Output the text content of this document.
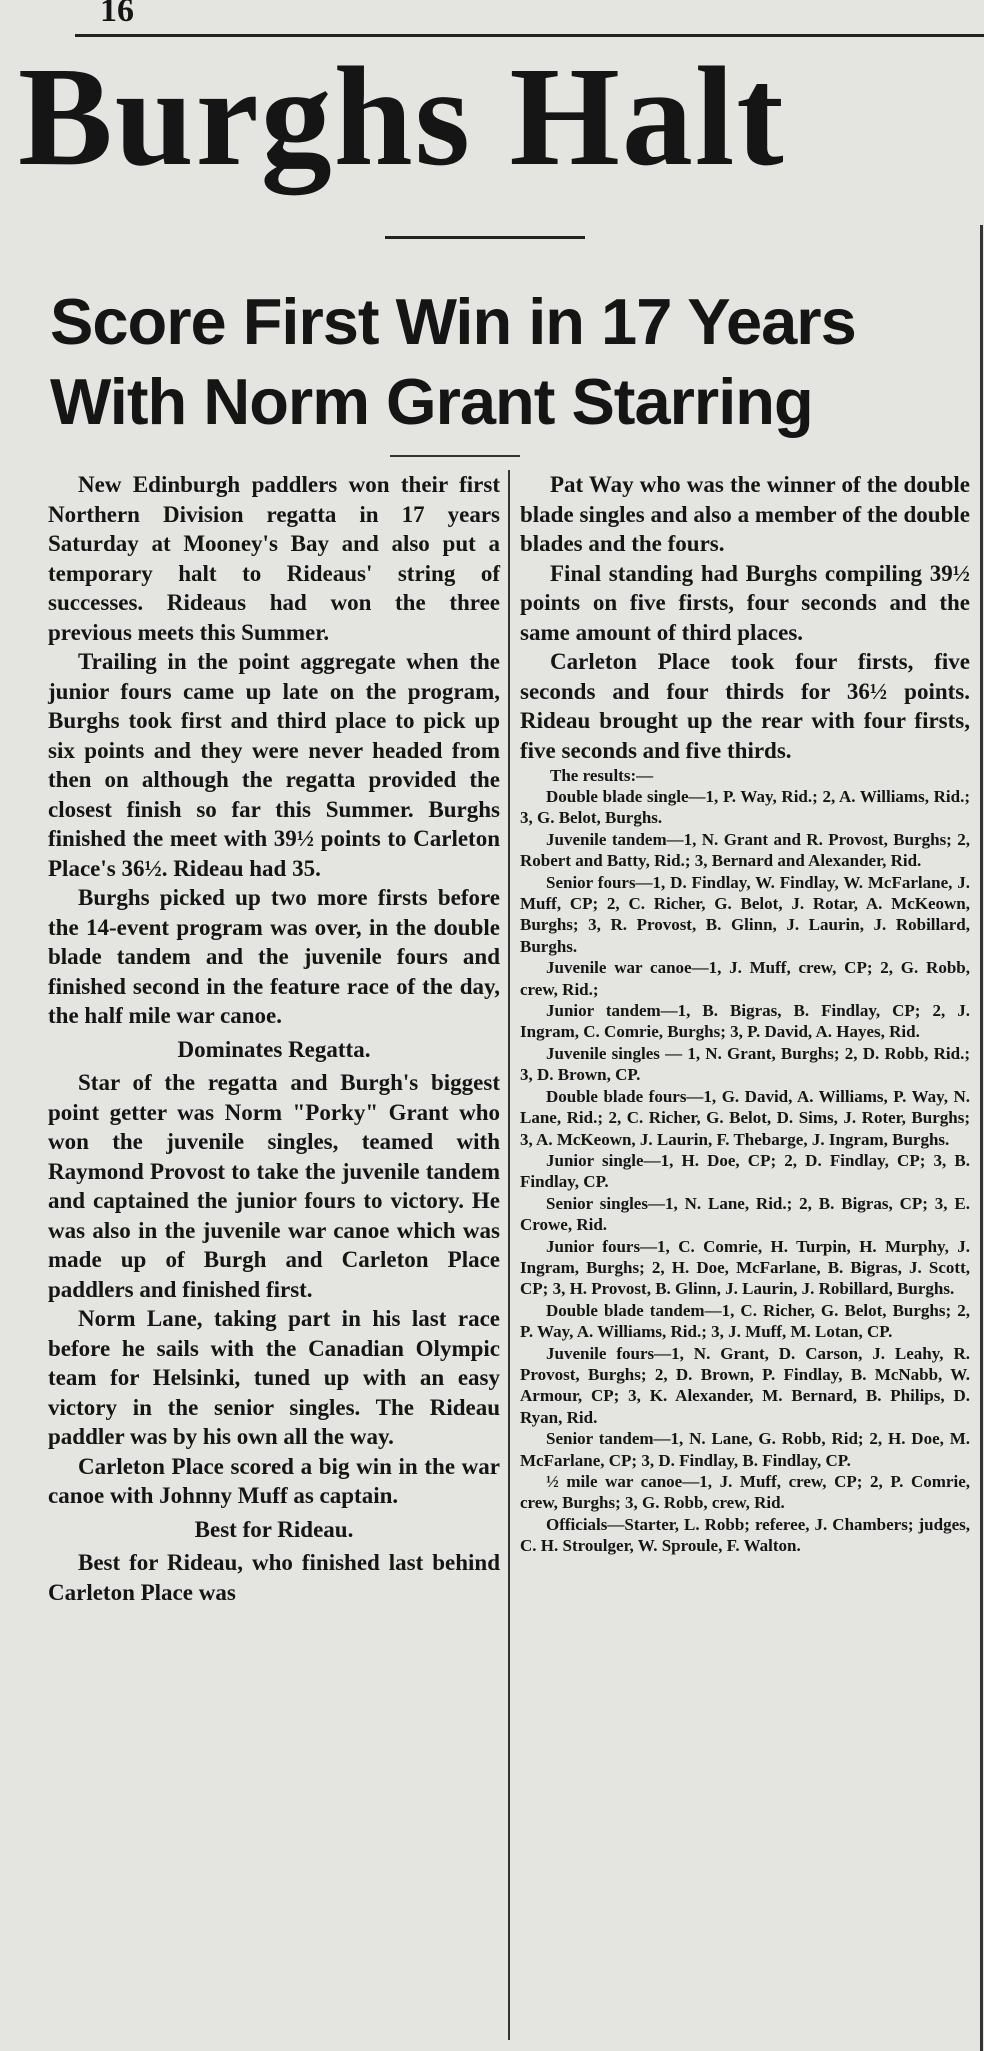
16
Burghs Halt
Score First Win in 17 Years
With Norm Grant Starring

New Edinburgh paddlers won their first Northern Division regatta in 17 years Saturday at Mooney's Bay and also put a temporary halt to Rideaus' string of successes. Rideaus had won the three previous meets this Summer.

Trailing in the point aggregate when the junior fours came up late on the program, Burghs took first and third place to pick up six points and they were never headed from then on although the regatta provided the closest finish so far this Summer. Burghs finished the meet with 39½ points to Carleton Place's 36½. Rideau had 35.

Burghs picked up two more firsts before the 14-event program was over, in the double blade tandem and the juvenile fours and finished second in the feature race of the day, the half mile war canoe.

Dominates Regatta.

Star of the regatta and Burgh's biggest point getter was Norm "Porky" Grant who won the juvenile singles, teamed with Raymond Provost to take the juvenile tandem and captained the junior fours to victory. He was also in the juvenile war canoe which was made up of Burgh and Carleton Place paddlers and finished first.

Norm Lane, taking part in his last race before he sails with the Canadian Olympic team for Helsinki, tuned up with an easy victory in the senior singles. The Rideau paddler was by his own all the way.

Carleton Place scored a big win in the war canoe with Johnny Muff as captain.

Best for Rideau.

Best for Rideau, who finished last behind Carleton Place was

Pat Way who was the winner of the double blade singles and also a member of the double blades and the fours.

Final standing had Burghs compiling 39½ points on five firsts, four seconds and the same amount of third places.

Carleton Place took four firsts, five seconds and four thirds for 36½ points. Rideau brought up the rear with four firsts, five seconds and five thirds.

The results:—

Double blade single—1, P. Way, Rid.; 2, A. Williams, Rid.; 3, G. Belot, Burghs.

Juvenile tandem—1, N. Grant and R. Provost, Burghs; 2, Robert and Batty, Rid.; 3, Bernard and Alexander, Rid.

Senior fours—1, D. Findlay, W. Findlay, W. McFarlane, J. Muff, CP; 2, C. Richer, G. Belot, J. Rotar, A. McKeown, Burghs; 3, R. Provost, B. Glinn, J. Laurin, J. Robillard, Burghs.

Juvenile war canoe—1, J. Muff, crew, CP; 2, G. Robb, crew, Rid.;

Junior tandem—1, B. Bigras, B. Findlay, CP; 2, J. Ingram, C. Comrie, Burghs; 3, P. David, A. Hayes, Rid.

Juvenile singles — 1, N. Grant, Burghs; 2, D. Robb, Rid.; 3, D. Brown, CP.

Double blade fours—1, G. David, A. Williams, P. Way, N. Lane, Rid.; 2, C. Richer, G. Belot, D. Sims, J. Roter, Burghs; 3, A. McKeown, J. Laurin, F. Thebarge, J. Ingram, Burghs.

Junior single—1, H. Doe, CP; 2, D. Findlay, CP; 3, B. Findlay, CP.

Senior singles—1, N. Lane, Rid.; 2, B. Bigras, CP; 3, E. Crowe, Rid.

Junior fours—1, C. Comrie, H. Turpin, H. Murphy, J. Ingram, Burghs; 2, H. Doe, McFarlane, B. Bigras, J. Scott, CP; 3, H. Provost, B. Glinn, J. Laurin, J. Robillard, Burghs.

Double blade tandem—1, C. Richer, G. Belot, Burghs; 2, P. Way, A. Williams, Rid.; 3, J. Muff, M. Lotan, CP.

Juvenile fours—1, N. Grant, D. Carson, J. Leahy, R. Provost, Burghs; 2, D. Brown, P. Findlay, B. McNabb, W. Armour, CP; 3, K. Alexander, M. Bernard, B. Philips, D. Ryan, Rid.

Senior tandem—1, N. Lane, G. Robb, Rid; 2, H. Doe, M. McFarlane, CP; 3, D. Findlay, B. Findlay, CP.

½ mile war canoe—1, J. Muff, crew, CP; 2, P. Comrie, crew, Burghs; 3, G. Robb, crew, Rid.

Officials—Starter, L. Robb; referee, J. Chambers; judges, C. H. Stroulger, W. Sproule, F. Walton.
